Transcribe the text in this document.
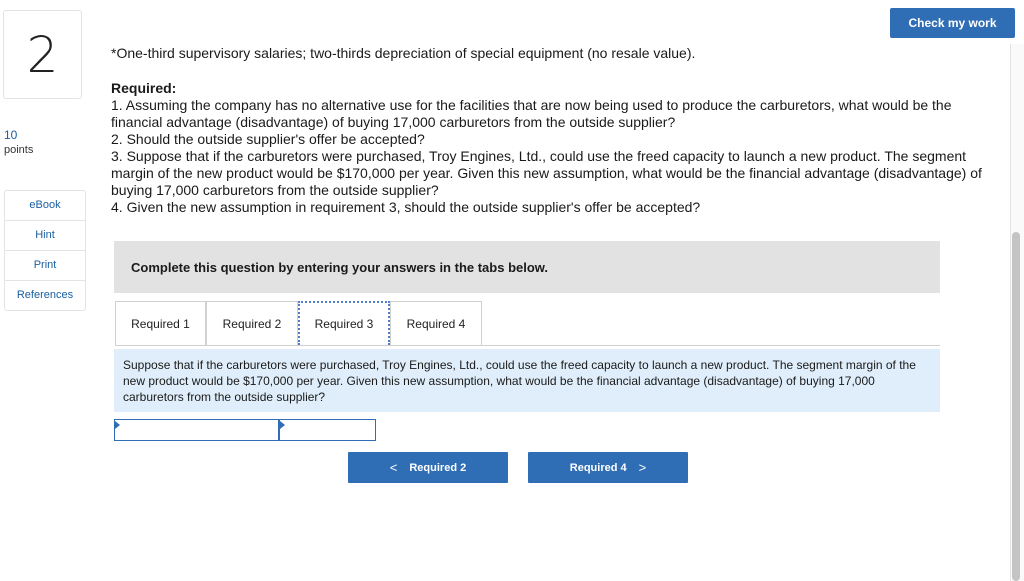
2
10
points
eBook
Hint
Print
References
Check my work
*One-third supervisory salaries; two-thirds depreciation of special equipment (no resale value).
Required:
1. Assuming the company has no alternative use for the facilities that are now being used to produce the carburetors, what would be the financial advantage (disadvantage) of buying 17,000 carburetors from the outside supplier?
2. Should the outside supplier's offer be accepted?
3. Suppose that if the carburetors were purchased, Troy Engines, Ltd., could use the freed capacity to launch a new product. The segment margin of the new product would be $170,000 per year. Given this new assumption, what would be the financial advantage (disadvantage) of buying 17,000 carburetors from the outside supplier?
4. Given the new assumption in requirement 3, should the outside supplier's offer be accepted?
Complete this question by entering your answers in the tabs below.
Required 1	Required 2	Required 3	Required 4
Suppose that if the carburetors were purchased, Troy Engines, Ltd., could use the freed capacity to launch a new product. The segment margin of the new product would be $170,000 per year. Given this new assumption, what would be the financial advantage (disadvantage) of buying 17,000 carburetors from the outside supplier?
< Required 2	Required 4 >
